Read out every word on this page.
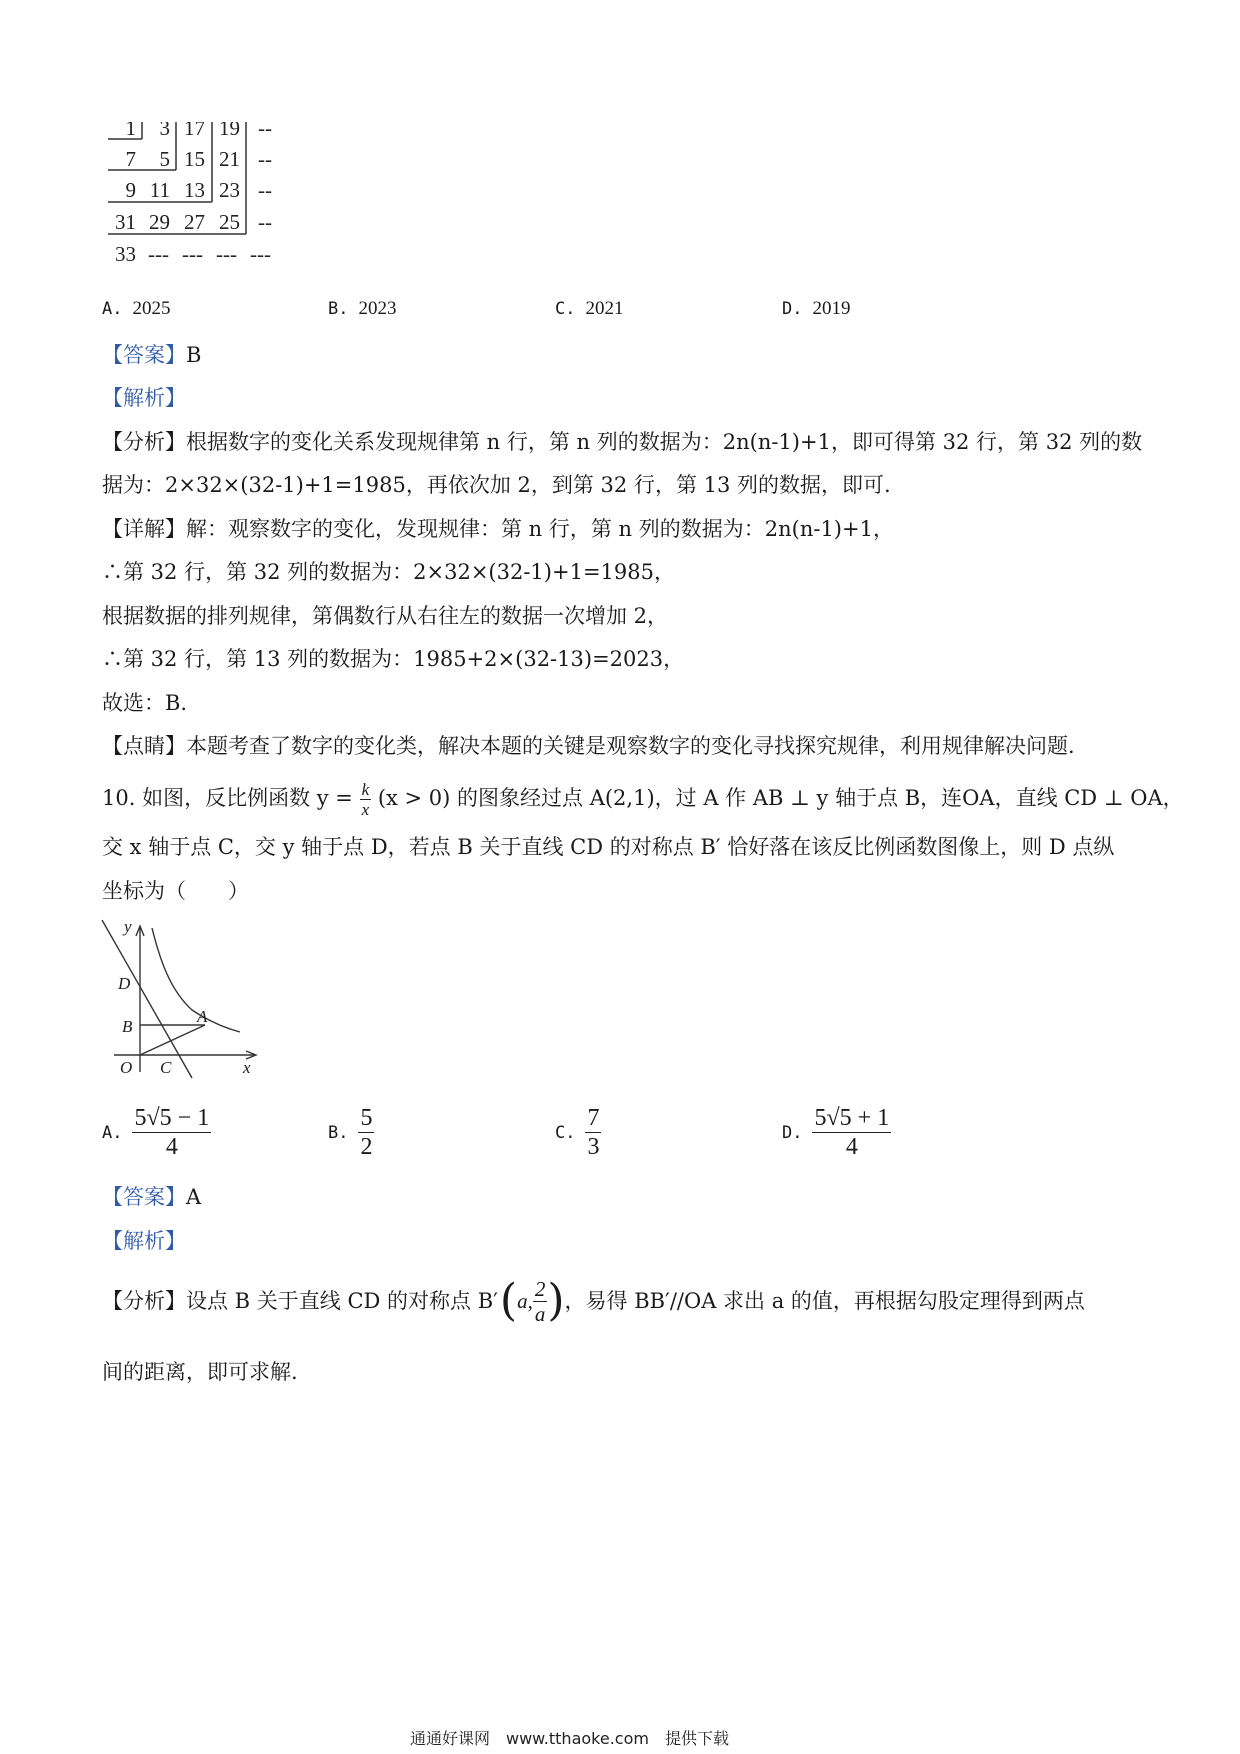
1 3 17 19 --
7 5 15 21 --
9 11 13 23 --
31 29 27 25 --
33 --- --- --- ---
A. 2025	B. 2023	C. 2021	D. 2019
【答案】B
【解析】
【分析】根据数字的变化关系发现规律第 n 行，第 n 列的数据为：2n(n-1)+1，即可得第 32 行，第 32 列的数
据为：2×32×(32-1)+1=1985，再依次加 2，到第 32 行，第 13 列的数据，即可.
【详解】解：观察数字的变化，发现规律：第 n 行，第 n 列的数据为：2n(n-1)+1，
∴第 32 行，第 32 列的数据为：2×32×(32-1)+1=1985，
根据数据的排列规律，第偶数行从右往左的数据一次增加 2，
∴第 32 行，第 13 列的数据为：1985+2×(32-13)=2023，
故选：B.
【点睛】本题考查了数字的变化类，解决本题的关键是观察数字的变化寻找探究规律，利用规律解决问题.
10. 如图，反比例函数 $y = \frac{k}{x} (x > 0)$ 的图象经过点 A(2,1)，过 A 作 AB ⊥ y 轴于点 B，连OA，直线 CD ⊥ OA，
交 x 轴于点 C，交 y 轴于点 D，若点 B 关于直线 CD 的对称点 B′ 恰好落在该反比例函数图像上，则 D 点纵
坐标为（　　）
y
x
O C
D
B
A
A. $\frac{5√5 - 1}{4}$	B. $\frac{5}{2}$	C. $\frac{7}{3}$	D. $\frac{5√5 + 1}{4}$
【答案】A
【解析】
【分析】设点 B 关于直线 CD 的对称点 B′ ( a, $\frac{2}{a}$ ) ，易得 BB′//OA 求出 a 的值，再根据勾股定理得到两点
间的距离，即可求解.
通通好课网　www.tthaoke.com　提供下载
